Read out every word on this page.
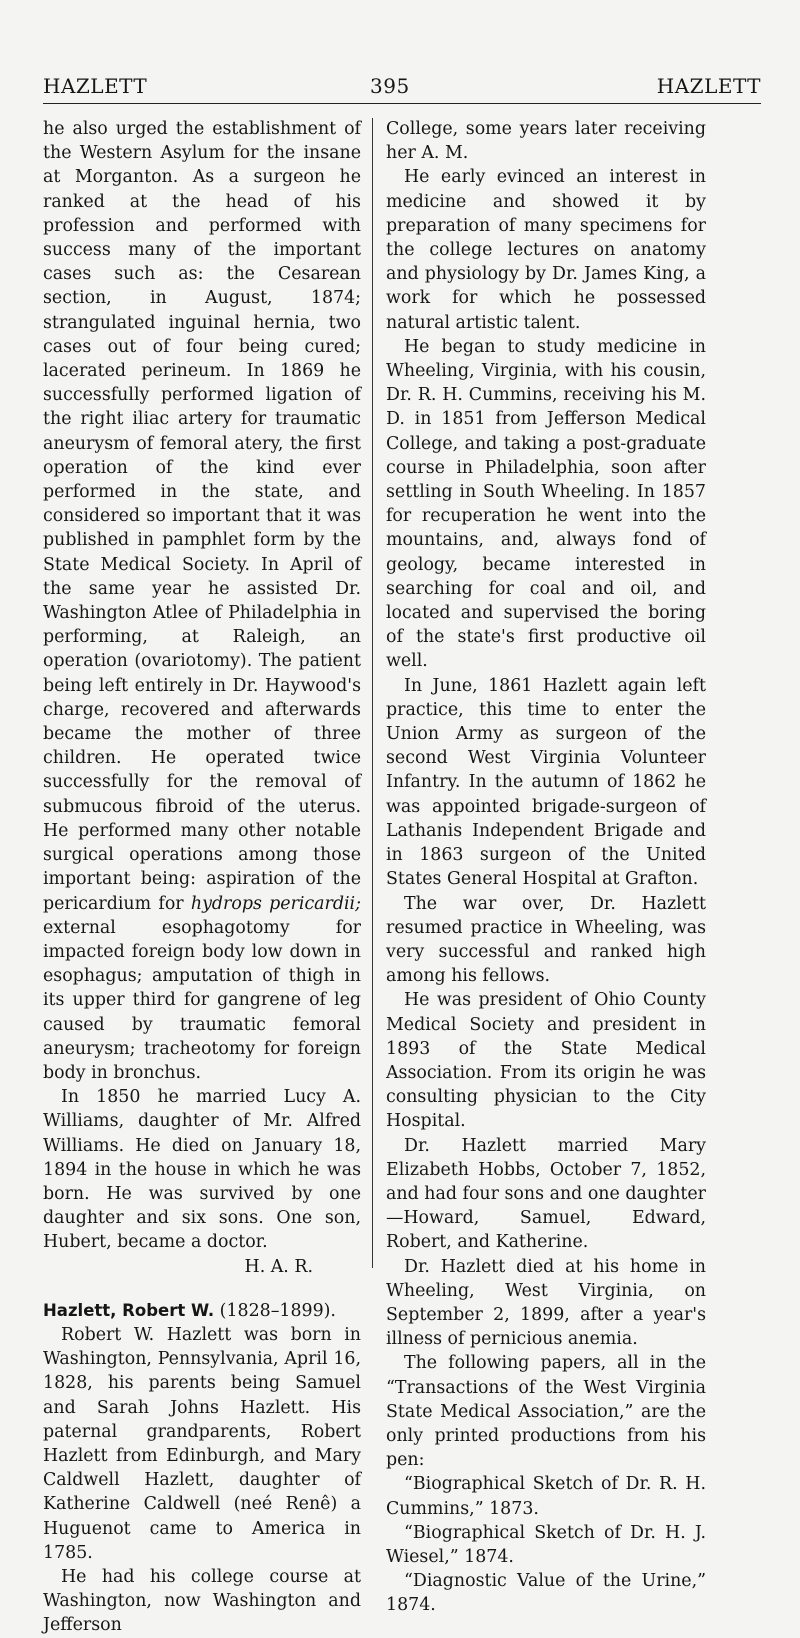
HAZLETT	395	HAZLETT

he also urged the establishment of the Western Asylum for the insane at Morganton. As a surgeon he ranked at the head of his profession and performed with success many of the important cases such as: the Cesarean section, in August, 1874; strangulated inguinal hernia, two cases out of four being cured; lacerated perineum. In 1869 he successfully performed ligation of the right iliac artery for traumatic aneurysm of femoral atery, the first operation of the kind ever performed in the state, and considered so important that it was published in pamphlet form by the State Medical Society. In April of the same year he assisted Dr. Washington Atlee of Philadelphia in performing, at Raleigh, an operation (ovariotomy). The patient being left entirely in Dr. Haywood's charge, recovered and afterwards became the mother of three children. He operated twice successfully for the removal of submucous fibroid of the uterus. He performed many other notable surgical operations among those important being: aspiration of the pericardium for hydrops pericardii; external esophagotomy for impacted foreign body low down in esophagus; amputation of thigh in its upper third for gangrene of leg caused by traumatic femoral aneurysm; tracheotomy for foreign body in bronchus.

In 1850 he married Lucy A. Williams, daughter of Mr. Alfred Williams. He died on January 18, 1894 in the house in which he was born. He was survived by one daughter and six sons. One son, Hubert, became a doctor.

H. A. R.

Hazlett, Robert W. (1828–1899).

Robert W. Hazlett was born in Washington, Pennsylvania, April 16, 1828, his parents being Samuel and Sarah Johns Hazlett. His paternal grandparents, Robert Hazlett from Edinburgh, and Mary Caldwell Hazlett, daughter of Katherine Caldwell (neé Renê) a Huguenot came to America in 1785.

He had his college course at Washington, now Washington and Jefferson

College, some years later receiving her A. M.

He early evinced an interest in medicine and showed it by preparation of many specimens for the college lectures on anatomy and physiology by Dr. James King, a work for which he possessed natural artistic talent.

He began to study medicine in Wheeling, Virginia, with his cousin, Dr. R. H. Cummins, receiving his M. D. in 1851 from Jefferson Medical College, and taking a post-graduate course in Philadelphia, soon after settling in South Wheeling. In 1857 for recuperation he went into the mountains, and, always fond of geology, became interested in searching for coal and oil, and located and supervised the boring of the state's first productive oil well.

In June, 1861 Hazlett again left practice, this time to enter the Union Army as surgeon of the second West Virginia Volunteer Infantry. In the autumn of 1862 he was appointed brigade-surgeon of Lathanis Independent Brigade and in 1863 surgeon of the United States General Hospital at Grafton.

The war over, Dr. Hazlett resumed practice in Wheeling, was very successful and ranked high among his fellows.

He was president of Ohio County Medical Society and president in 1893 of the State Medical Association. From its origin he was consulting physician to the City Hospital.

Dr. Hazlett married Mary Elizabeth Hobbs, October 7, 1852, and had four sons and one daughter—Howard, Samuel, Edward, Robert, and Katherine.

Dr. Hazlett died at his home in Wheeling, West Virginia, on September 2, 1899, after a year's illness of pernicious anemia.

The following papers, all in the “Transactions of the West Virginia State Medical Association,” are the only printed productions from his pen:

“Biographical Sketch of Dr. R. H. Cummins,” 1873.

“Biographical Sketch of Dr. H. J. Wiesel,” 1874.

“Diagnostic Value of the Urine,” 1874.
